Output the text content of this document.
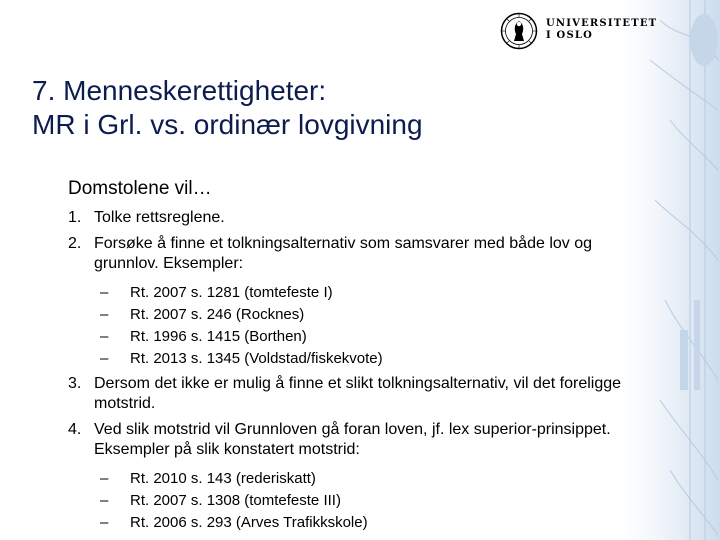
UNIVERSITETET
I OSLO
7. Menneskerettigheter:
MR i Grl. vs. ordinær lovgivning
Domstolene vil…
1. Tolke rettsreglene.
2. Forsøke å finne et tolkningsalternativ som samsvarer med både lov og grunnlov. Eksempler:
– Rt. 2007 s. 1281 (tomtefeste I)
– Rt. 2007 s. 246 (Rocknes)
– Rt. 1996 s. 1415 (Borthen)
– Rt. 2013 s. 1345 (Voldstad/fiskekvote)
3. Dersom det ikke er mulig å finne et slikt tolkningsalternativ, vil det foreligge motstrid.
4. Ved slik motstrid vil Grunnloven gå foran loven, jf. lex superior-prinsippet. Eksempler på slik konstatert motstrid:
– Rt. 2010 s. 143 (rederiskatt)
– Rt. 2007 s. 1308 (tomtefeste III)
– Rt. 2006 s. 293 (Arves Trafikkskole)
